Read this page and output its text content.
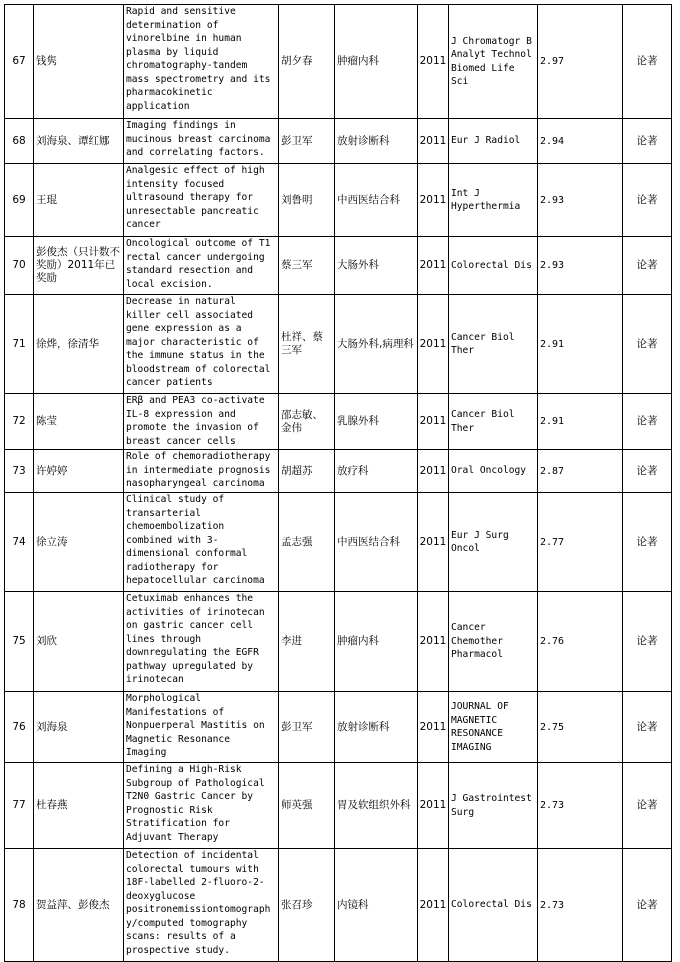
67	钱隽	Rapid and sensitive determination of vinorelbine in human plasma by liquid chromatography-tandem mass spectrometry and its pharmacokinetic application	胡夕春	肿瘤内科	2011	J Chromatogr B Analyt Technol Biomed Life Sci	2.97	论著
68	刘海泉、谭红娜	Imaging findings in mucinous breast carcinoma and correlating factors.	彭卫军	放射诊断科	2011	Eur J Radiol	2.94	论著
69	王琨	Analgesic effect of high intensity focused ultrasound therapy for unresectable pancreatic cancer	刘鲁明	中西医结合科	2011	Int J Hyperthermia	2.93	论著
70	彭俊杰（只计数不奖励）2011年已奖励	Oncological outcome of T1 rectal cancer undergoing standard resection and local excision.	蔡三军	大肠外科	2011	Colorectal Dis	2.93	论著
71	徐烨，徐清华	Decrease in natural killer cell associated gene expression as a major characteristic of the immune status in the bloodstream of colorectal cancer patients	杜祥、蔡三军	大肠外科,病理科	2011	Cancer Biol Ther	2.91	论著
72	陈莹	ERβ and PEA3 co-activate IL-8 expression and promote the invasion of breast cancer cells	邵志敏、金伟	乳腺外科	2011	Cancer Biol Ther	2.91	论著
73	许婷婷	Role of chemoradiotherapy in intermediate prognosis nasopharyngeal carcinoma	胡超苏	放疗科	2011	Oral Oncology	2.87	论著
74	徐立涛	Clinical study of transarterial chemoembolization combined with 3-dimensional conformal radiotherapy for hepatocellular carcinoma	孟志强	中西医结合科	2011	Eur J Surg Oncol	2.77	论著
75	刘欣	Cetuximab enhances the activities of irinotecan on gastric cancer cell lines through downregulating the EGFR pathway upregulated by irinotecan	李进	肿瘤内科	2011	Cancer Chemother Pharmacol	2.76	论著
76	刘海泉	Morphological Manifestations of Nonpuerperal Mastitis on Magnetic Resonance Imaging	彭卫军	放射诊断科	2011	JOURNAL OF MAGNETIC RESONANCE IMAGING	2.75	论著
77	杜春燕	Defining a High-Risk Subgroup of Pathological T2N0 Gastric Cancer by Prognostic Risk Stratification for Adjuvant Therapy	师英强	胃及软组织外科	2011	J Gastrointest Surg	2.73	论著
78	贺益萍、彭俊杰	Detection of incidental colorectal tumours with 18F-labelled 2-fluoro-2-deoxyglucose positronemissiontomography/computed tomography scans: results of a prospective study.	张召珍	内镜科	2011	Colorectal Dis	2.73	论著
